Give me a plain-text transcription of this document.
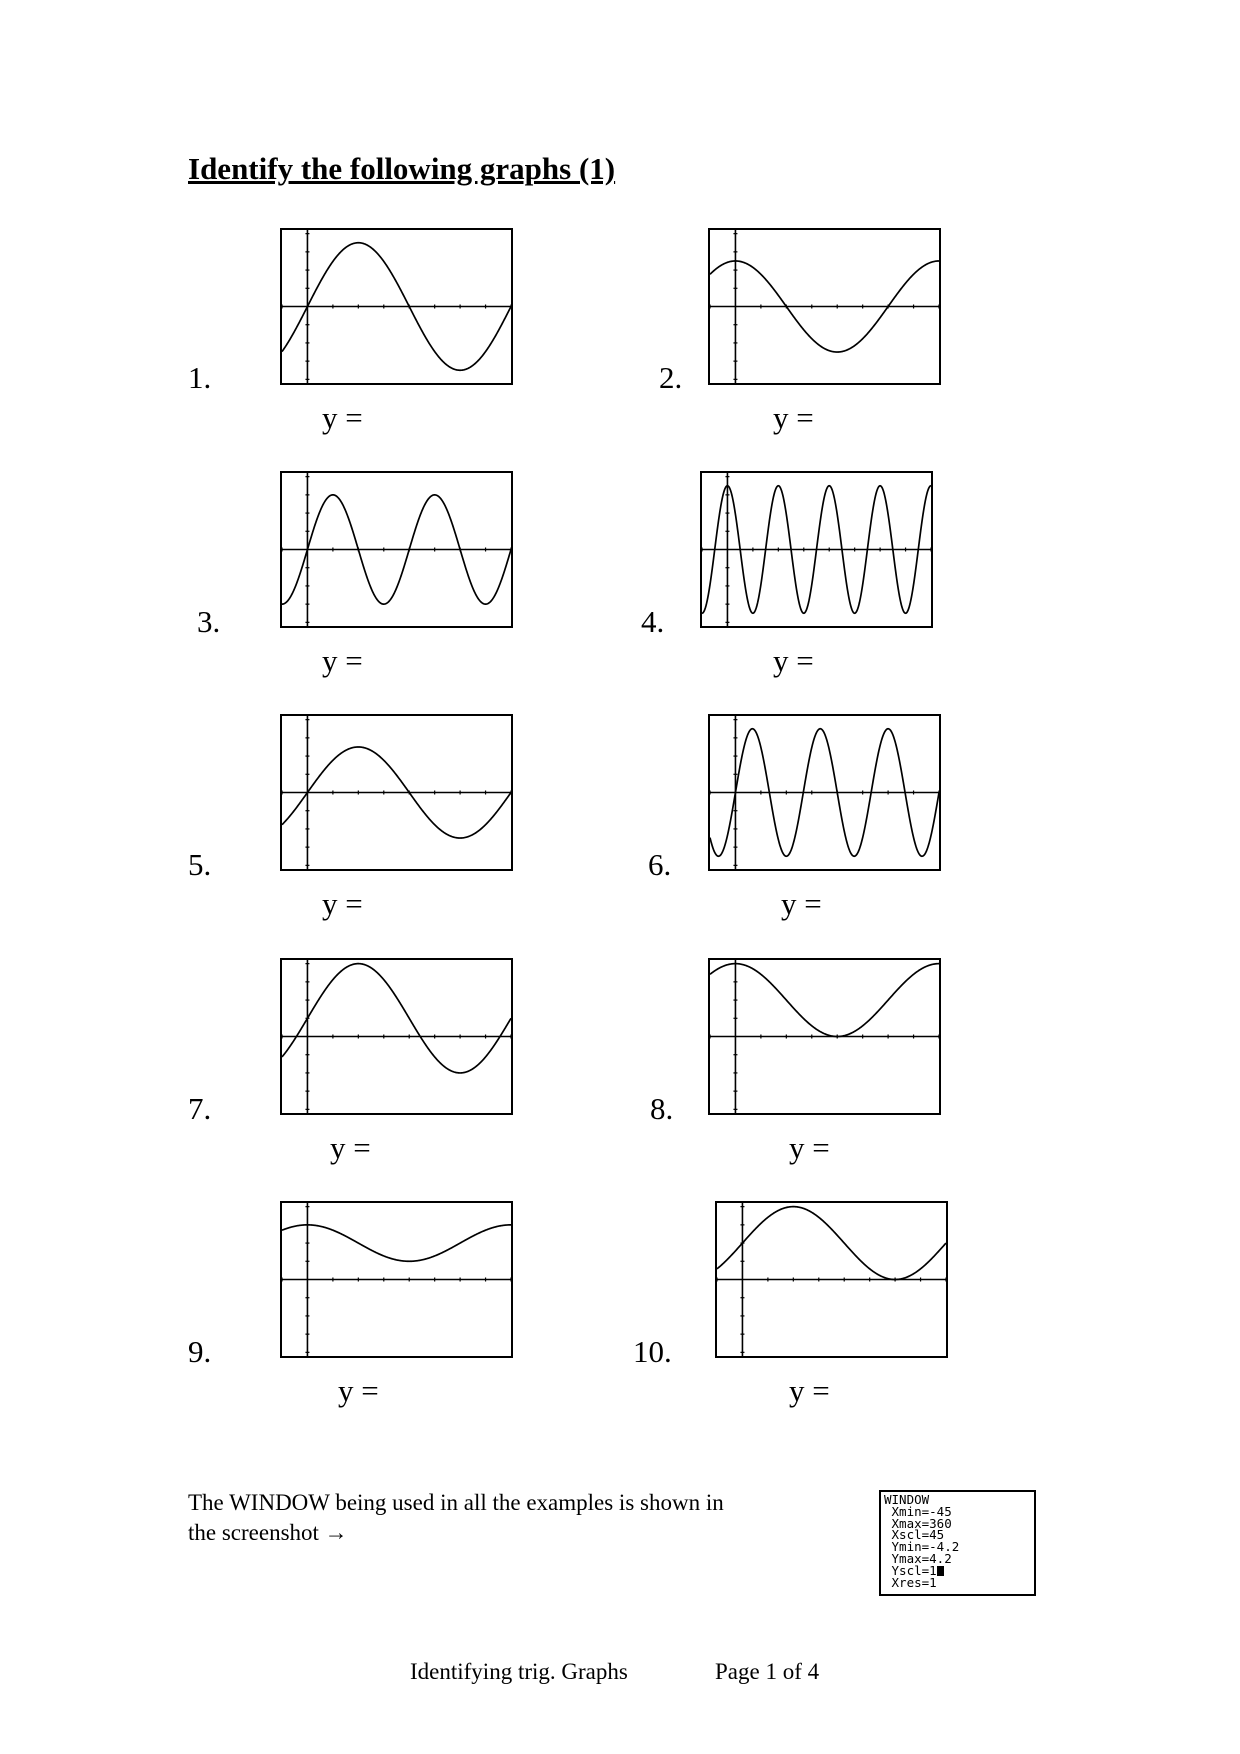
Identify the following graphs (1)
1.
y =
2.
y =
3.
y =
4.
y =
5.
y =
6.
y =
7.
y =
8.
y =
9.
y =
10.
y =
The WINDOW being used in all the examples is shown in
the screenshot →
WINDOW
Xmin=-45
Xmax=360
Xscl=45
Ymin=-4.2
Ymax=4.2
Yscl=1
Xres=1
Identifying trig. Graphs	Page 1 of 4
